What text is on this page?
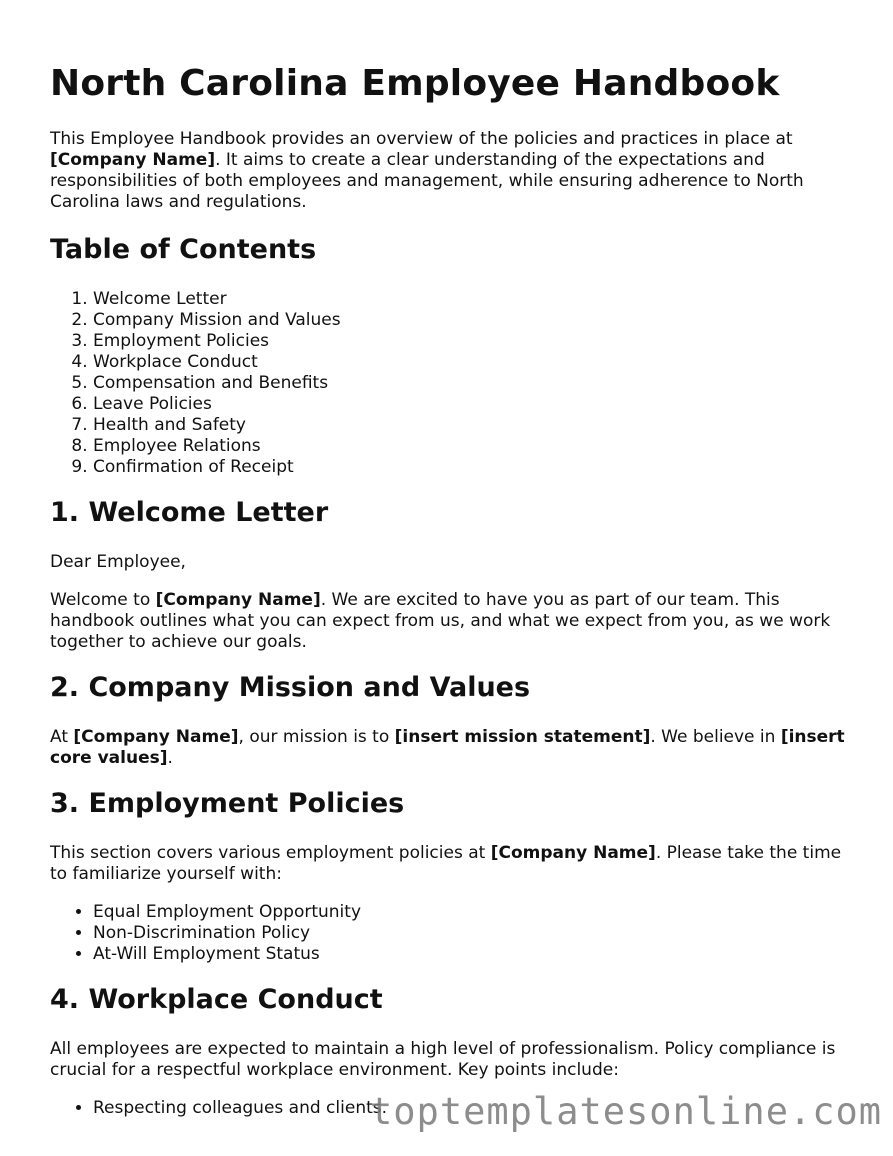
North Carolina Employee Handbook

This Employee Handbook provides an overview of the policies and practices in place at [Company Name]. It aims to create a clear understanding of the expectations and responsibilities of both employees and management, while ensuring adherence to North Carolina laws and regulations.

Table of Contents
1. Welcome Letter
2. Company Mission and Values
3. Employment Policies
4. Workplace Conduct
5. Compensation and Benefits
6. Leave Policies
7. Health and Safety
8. Employee Relations
9. Confirmation of Receipt
1. Welcome Letter

Dear Employee,

Welcome to [Company Name]. We are excited to have you as part of our team. This handbook outlines what you can expect from us, and what we expect from you, as we work together to achieve our goals.

2. Company Mission and Values

At [Company Name], our mission is to [insert mission statement]. We believe in [insert core values].

3. Employment Policies

This section covers various employment policies at [Company Name]. Please take the time to familiarize yourself with:

• Equal Employment Opportunity
• Non-Discrimination Policy
• At-Will Employment Status
4. Workplace Conduct

All employees are expected to maintain a high level of professionalism. Policy compliance is crucial for a respectful workplace environment. Key points include:

• Respecting colleagues and clients.
toptemplatesonline.com
